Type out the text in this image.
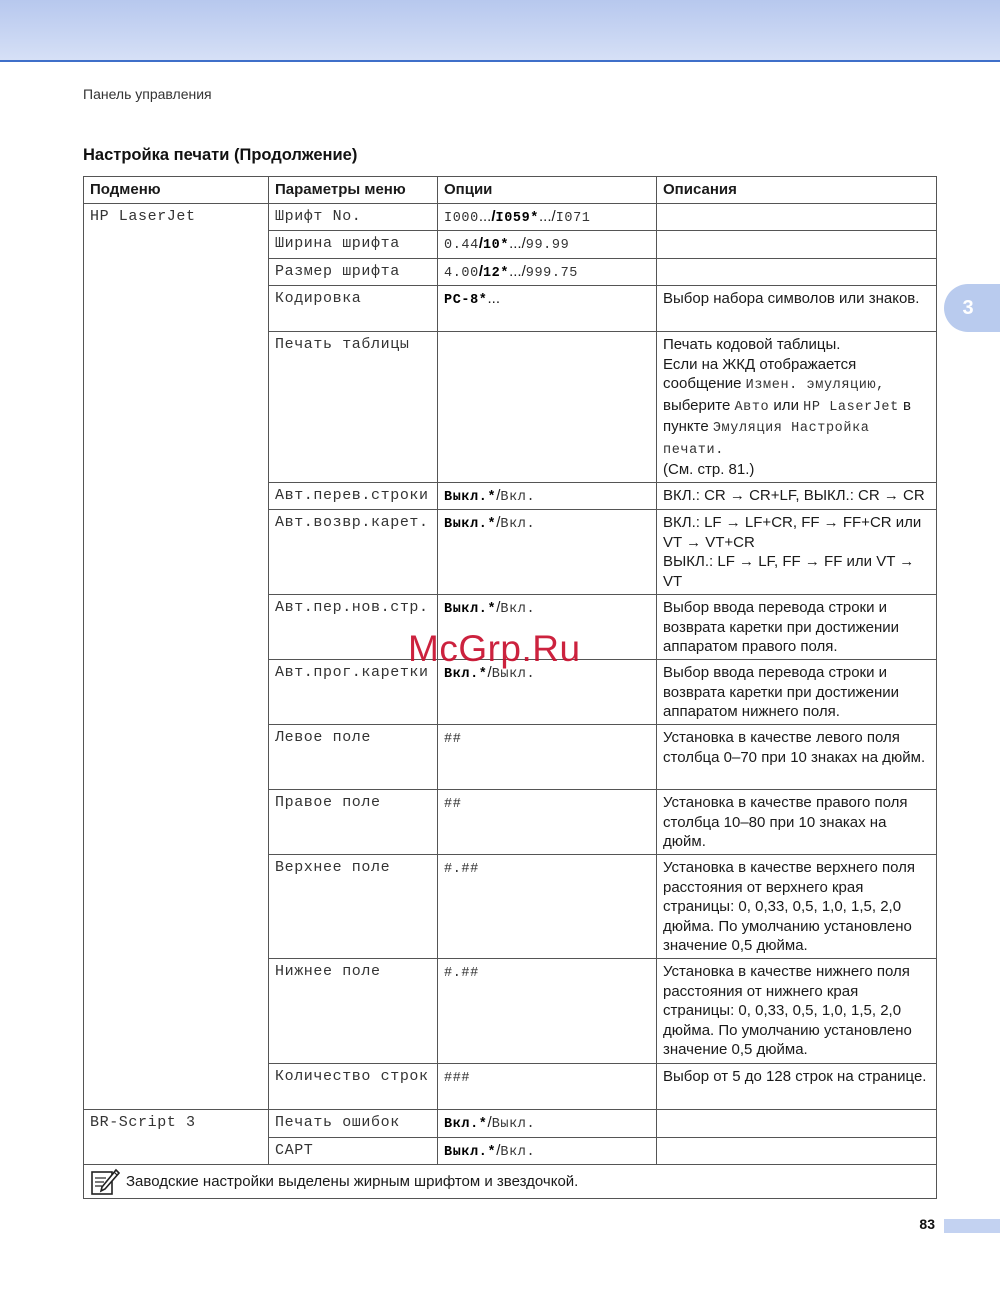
Панель управления
Настройка печати (Продолжение)
3
Подменю	Параметры меню	Опции	Описания
HP LaserJet	Шрифт No.	I000.../I059*.../I071	
	Ширина шрифта	0.44/10*.../99.99	
	Размер шрифта	4.00/12*.../999.75	
	Кодировка	PC-8*...	Выбор набора символов или знаков.
	Печать таблицы		Печать кодовой таблицы.
Если на ЖКД отображается сообщение Измен. эмуляцию, выберите Авто или HP LaserJet в пункте Эмуляция Настройка печати.
(См. стр. 81.)
	Авт.перев.строки	Выкл.*/Вкл.	ВКЛ.: CR → CR+LF, ВЫКЛ.: CR → CR
	Авт.возвр.карет.	Выкл.*/Вкл.	ВКЛ.: LF → LF+CR, FF → FF+CR или VT → VT+CR
ВЫКЛ.: LF → LF, FF → FF или VT → VT
	Авт.пер.нов.стр.	Выкл.*/Вкл.	Выбор ввода перевода строки и возврата каретки при достижении аппаратом правого поля.
	Авт.прог.каретки	Вкл.*/Выкл.	Выбор ввода перевода строки и возврата каретки при достижении аппаратом нижнего поля.
	Левое поле	##	Установка в качестве левого поля столбца 0–70 при 10 знаках на дюйм.
	Правое поле	##	Установка в качестве правого поля столбца 10–80 при 10 знаках на дюйм.
	Верхнее поле	#.##	Установка в качестве верхнего поля расстояния от верхнего края страницы: 0, 0,33, 0,5, 1,0, 1,5, 2,0 дюйма. По умолчанию установлено значение 0,5 дюйма.
	Нижнее поле	#.##	Установка в качестве нижнего поля расстояния от нижнего края страницы: 0, 0,33, 0,5, 1,0, 1,5, 2,0 дюйма. По умолчанию установлено значение 0,5 дюйма.
	Количество строк	###	Выбор от 5 до 128 строк на странице.
BR-Script 3	Печать ошибок	Вкл.*/Выкл.	
	CAPT	Выкл.*/Вкл.	

Заводские настройки выделены жирным шрифтом и звездочкой.			
McGrp.Ru
83
